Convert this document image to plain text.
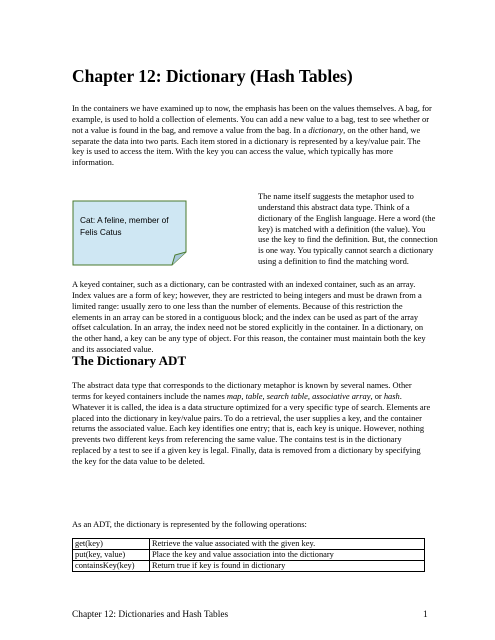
Chapter 12: Dictionary (Hash Tables)

In the containers we have examined up to now, the emphasis has been on the values themselves. A bag, for example, is used to hold a collection of elements. You can add a new value to a bag, test to see whether or not a value is found in the bag, and remove a value from the bag. In a dictionary, on the other hand, we separate the data into two parts. Each item stored in a dictionary is represented by a key/value pair. The key is used to access the item. With the key you can access the value, which typically has more information.

Cat: A feline, member of Felis Catus

The name itself suggests the metaphor used to understand this abstract data type. Think of a dictionary of the English language. Here a word (the key) is matched with a definition (the value). You use the key to find the definition. But, the connection is one way. You typically cannot search a dictionary using a definition to find the matching word.

A keyed container, such as a dictionary, can be contrasted with an indexed container, such as an array. Index values are a form of key; however, they are restricted to being integers and must be drawn from a limited range: usually zero to one less than the number of elements. Because of this restriction the elements in an array can be stored in a contiguous block; and the index can be used as part of the array offset calculation. In an array, the index need not be stored explicitly in the container. In a dictionary, on the other hand, a key can be any type of object. For this reason, the container must maintain both the key and its associated value.

The Dictionary ADT

The abstract data type that corresponds to the dictionary metaphor is known by several names. Other terms for keyed containers include the names map, table, search table, associative array, or hash. Whatever it is called, the idea is a data structure optimized for a very specific type of search. Elements are placed into the dictionary in key/value pairs. To do a retrieval, the user supplies a key, and the container returns the associated value. Each key identifies one entry; that is, each key is unique. However, nothing prevents two different keys from referencing the same value. The contains test is in the dictionary replaced by a test to see if a given key is legal. Finally, data is removed from a dictionary by specifying the key for the data value to be deleted.

As an ADT, the dictionary is represented by the following operations:

get(key)	Retrieve the value associated with the given key.
put(key, value)	Place the key and value association into the dictionary
containsKey(key)	Return true if key is found in dictionary
Chapter 12: Dictionaries and Hash Tables	1
